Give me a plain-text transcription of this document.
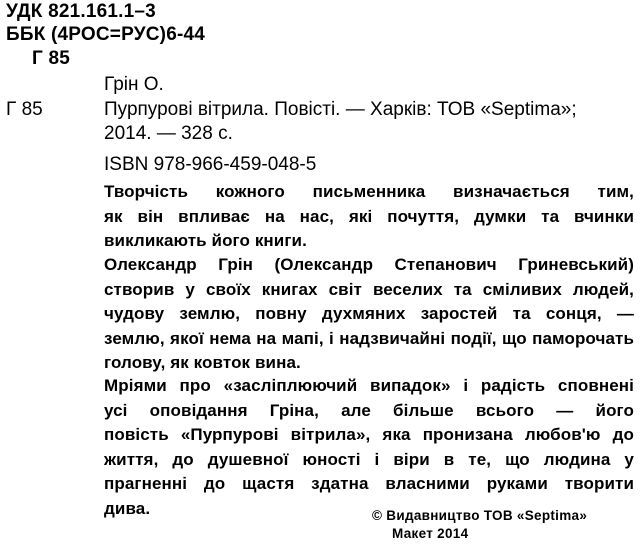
УДК 821.161.1–3
ББК (4РОС=РУС)6-44
Г 85
Грін О.
Г 85	Пурпурові вітрила. Повісті. — Харків: ТОВ «Septima»;
2014. — 328 с.
ISBN 978-966-459-048-5
Творчість кожного письменника визначається тим,
як він впливає на нас, які почуття, думки та вчинки
викликають його книги.
Олександр Грін (Олександр Степанович Гриневський)
створив у своїх книгах світ веселих та сміливих людей,
чудову землю, повну духмяних заростей та сонця, —
землю, якої нема на мапі, і надзвичайні події, що паморочать
голову, як ковток вина.
Мріями про «засліплюючий випадок» і радість сповнені
усі оповідання Гріна, але більше всього — його
повість «Пурпурові вітрила», яка пронизана любов'ю до
життя, до душевної юності і віри в те, що людина у
прагненні до щастя здатна власними руками творити
дива.	© Видавництво ТОВ «Septima»
Макет 2014
